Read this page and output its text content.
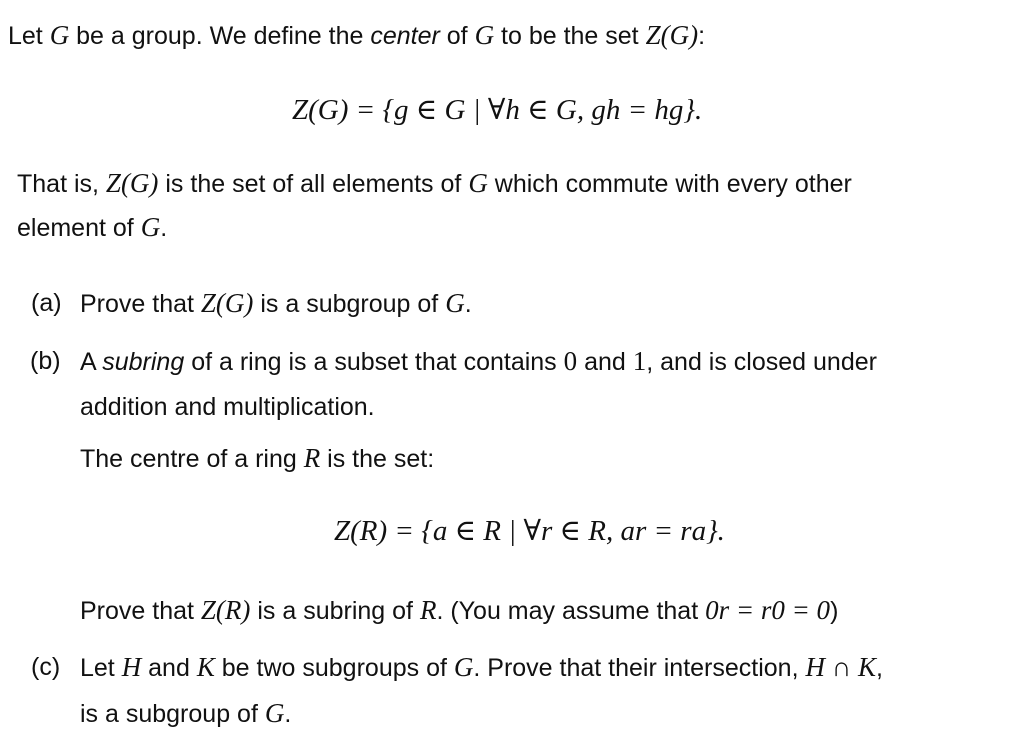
Let G be a group. We define the center of G to be the set Z(G):
Z(G) = {g ∈ G | ∀h ∈ G, gh = hg}.
That is, Z(G) is the set of all elements of G which commute with every other
element of G.
(a) Prove that Z(G) is a subgroup of G.
(b) A subring of a ring is a subset that contains 0 and 1, and is closed under
addition and multiplication.
The centre of a ring R is the set:
Z(R) = {a ∈ R | ∀r ∈ R, ar = ra}.
Prove that Z(R) is a subring of R. (You may assume that 0r = r0 = 0)
(c) Let H and K be two subgroups of G. Prove that their intersection, H ∩ K,
is a subgroup of G.
